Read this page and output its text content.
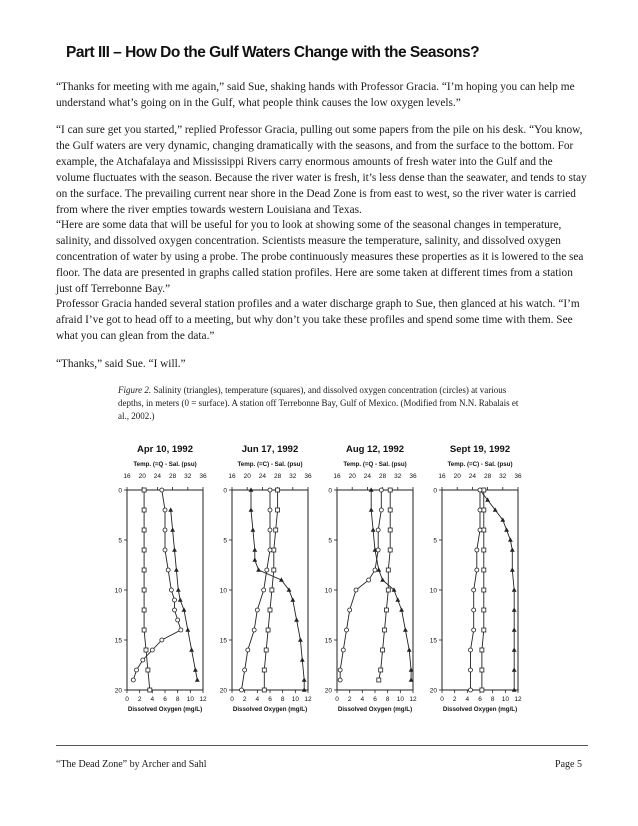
Part III – How Do the Gulf Waters Change with the Seasons?

“Thanks for meeting with me again,” said Sue, shaking hands with Professor Gracia. “I’m hoping you can help me understand what’s going on in the Gulf, what people think causes the low oxygen levels.”

“I can sure get you started,” replied Professor Gracia, pulling out some papers from the pile on his desk. “You know, the Gulf waters are very dynamic, changing dramatically with the seasons, and from the surface to the bottom. For example, the Atchafalaya and Mississippi Rivers carry enormous amounts of fresh water into the Gulf and the volume fluctuates with the season. Because the river water is fresh, it’s less dense than the seawater, and tends to stay on the surface. The prevailing current near shore in the Dead Zone is from east to west, so the river water is carried from where the river empties towards western Louisiana and Texas.

“Here are some data that will be useful for you to look at showing some of the seasonal changes in temperature, salinity, and dissolved oxygen concentration. Scientists measure the temperature, salinity, and dissolved oxygen concentration of water by using a probe. The probe continuously measures these properties as it is lowered to the sea floor. The data are presented in graphs called station profiles. Here are some taken at different times from a station just off Terrebonne Bay.”

Professor Gracia handed several station profiles and a water discharge graph to Sue, then glanced at his watch. “I’m afraid I’ve got to head off to a meeting, but why don’t you take these profiles and spend some time with them. See what you can glean from the data.”

“Thanks,” said Sue. “I will.”

Figure 2. Salinity (triangles), temperature (squares), and dissolved oxygen concentration (circles) at various depths, in meters (0 = surface). A station off Terrebonne Bay, Gulf of Mexico. (Modified from N.N. Rabalais et al., 2002.)

Apr 10, 1992
Temp. (=Q - Sal. (psu)
16 20 24 28 32 36
0 2 4 6 8 10 12
Dissolved Oxygen (mg/L)
0
5
10
15
20
Jun 17, 1992
Temp. (=C) - Sal. (psu)
16 20 24 28 32 36
0 2 4 6 8 10 12
Dissolved Oxygen (mg/L)
0
5
10
15
20
Aug 12, 1992
Temp. (=Q - Sal. (psu)
16 20 24 28 32 36
0 2 4 6 8 10 12
Dissolved Oxygen (mg/L)
0
5
10
15
20
Sept 19, 1992
Temp. (=C) - Sal. (psu)
16 20 24 28 32 36
0 2 4 6 8 10 12
Dissolved Oxygen (mg/L)
0
5
10
15
20

“The Dead Zone” by Archer and Sahl	Page 5
